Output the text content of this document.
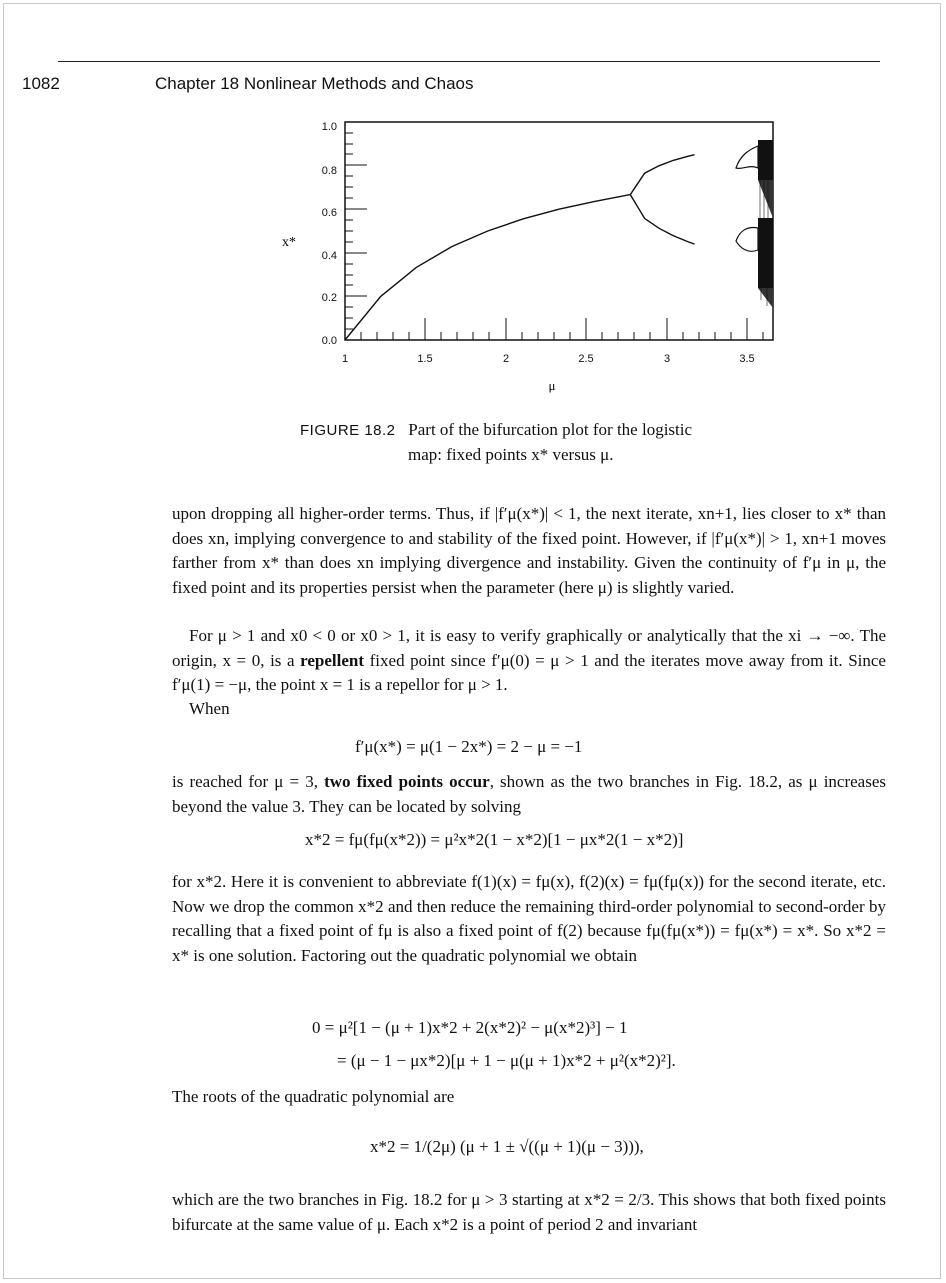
1082	Chapter 18 Nonlinear Methods and Chaos
x*
1.0
0.8
0.6
0.4
0.2
0.0
1	1.5	2	2.5	3	3.5
μ
FIGURE 18.2 Part of the bifurcation plot for the logistic
map: fixed points x* versus μ.
upon dropping all higher-order terms. Thus, if |f′μ(x*)| < 1, the next iterate, xn+1, lies closer to x* than does xn, implying convergence to and stability of the fixed point. However, if |f′μ(x*)| > 1, xn+1 moves farther from x* than does xn implying divergence and instability. Given the continuity of f′μ in μ, the fixed point and its properties persist when the parameter (here μ) is slightly varied.
For μ > 1 and x0 < 0 or x0 > 1, it is easy to verify graphically or analytically that the xi → −∞. The origin, x = 0, is a repellent fixed point since f′μ(0) = μ > 1 and the iterates move away from it. Since f′μ(1) = −μ, the point x = 1 is a repellor for μ > 1.
When
f′μ(x*) = μ(1 − 2x*) = 2 − μ = −1
is reached for μ = 3, two fixed points occur, shown as the two branches in Fig. 18.2, as μ increases beyond the value 3. They can be located by solving
x*2 = fμ(fμ(x*2)) = μ²x*2(1 − x*2)[1 − μx*2(1 − x*2)]
for x*2. Here it is convenient to abbreviate f(1)(x) = fμ(x), f(2)(x) = fμ(fμ(x)) for the second iterate, etc. Now we drop the common x*2 and then reduce the remaining third-order polynomial to second-order by recalling that a fixed point of fμ is also a fixed point of f(2) because fμ(fμ(x*)) = fμ(x*) = x*. So x*2 = x* is one solution. Factoring out the quadratic polynomial we obtain
0 = μ²[1 − (μ + 1)x*2 + 2(x*2)² − μ(x*2)³] − 1
= (μ − 1 − μx*2)[μ + 1 − μ(μ + 1)x*2 + μ²(x*2)²].
The roots of the quadratic polynomial are
x*2 = 1/(2μ) (μ + 1 ± √((μ + 1)(μ − 3))),
which are the two branches in Fig. 18.2 for μ > 3 starting at x*2 = 2/3. This shows that both fixed points bifurcate at the same value of μ. Each x*2 is a point of period 2 and invariant
